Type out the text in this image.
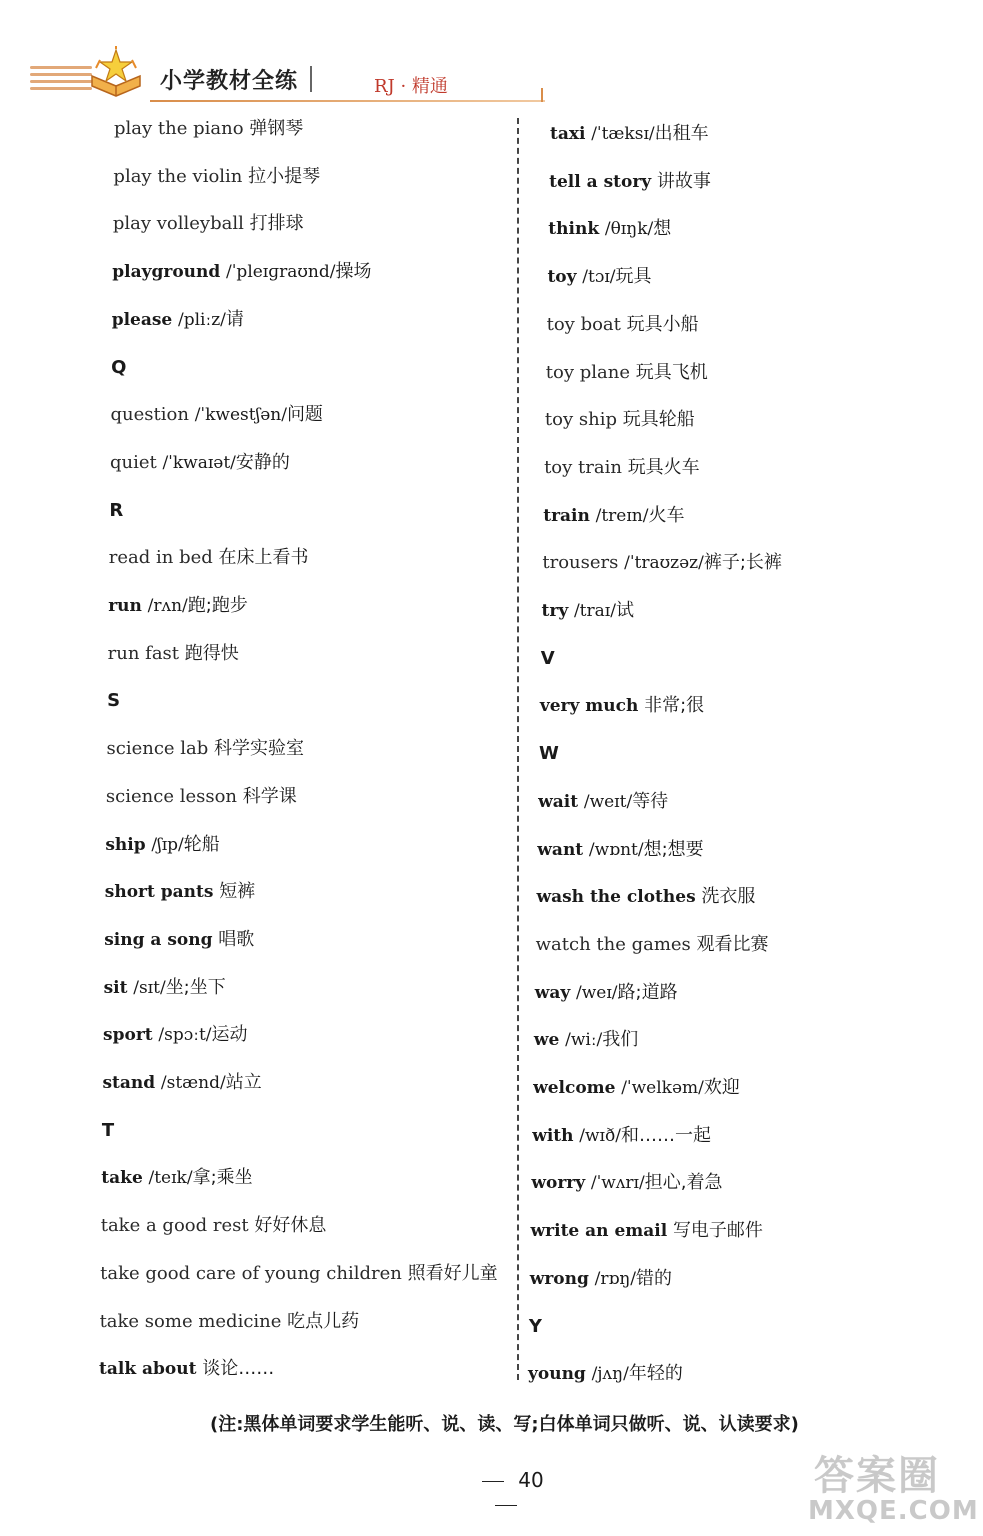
小学教材全练	RJ · 精通
play the piano 弹钢琴
play the violin 拉小提琴
play volleyball 打排球
playground /ˈpleɪɡraʊnd/操场
please /pliːz/请
Q
question /ˈkwestʃən/问题
quiet /ˈkwaɪət/安静的
R
read in bed 在床上看书
run /rʌn/跑;跑步
run fast 跑得快
S
science lab 科学实验室
science lesson 科学课
ship /ʃɪp/轮船
short pants 短裤
sing a song 唱歌
sit /sɪt/坐;坐下
sport /spɔːt/运动
stand /stænd/站立
T
take /teɪk/拿;乘坐
take a good rest 好好休息
take good care of young children 照看好儿童
take some medicine 吃点儿药
talk about 谈论……
taxi /ˈtæksɪ/出租车
tell a story 讲故事
think /θɪŋk/想
toy /tɔɪ/玩具
toy boat 玩具小船
toy plane 玩具飞机
toy ship 玩具轮船
toy train 玩具火车
train /treɪn/火车
trousers /ˈtraʊzəz/裤子;长裤
try /traɪ/试
V
very much 非常;很
W
wait /weɪt/等待
want /wɒnt/想;想要
wash the clothes 洗衣服
watch the games 观看比赛
way /weɪ/路;道路
we /wiː/我们
welcome /ˈwelkəm/欢迎
with /wɪð/和……一起
worry /ˈwʌrɪ/担心,着急
write an email 写电子邮件
wrong /rɒŋ/错的
Y
young /jʌŋ/年轻的
(注:黑体单词要求学生能听、说、读、写;白体单词只做听、说、认读要求)
40	答案圈
MXQE.COM
